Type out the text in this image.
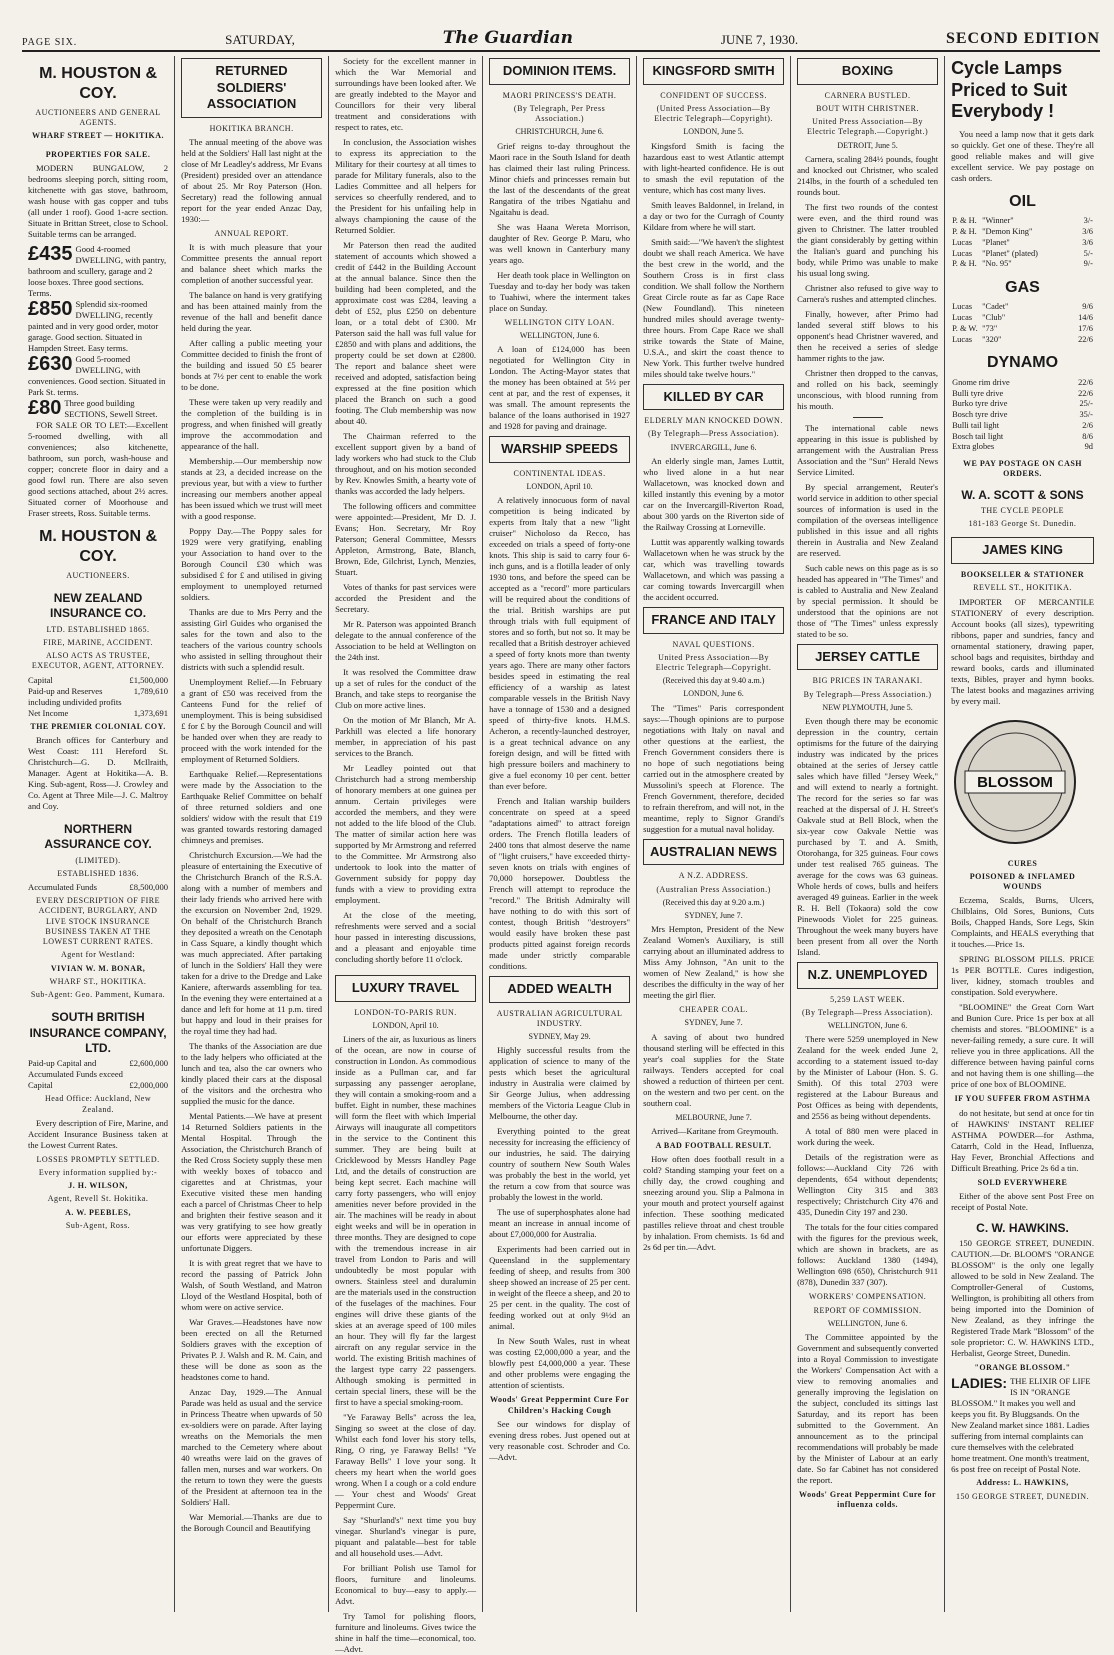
PAGE SIX.	SATURDAY,	The Guardian	JUNE 7, 1930.	SECOND EDITION
M. HOUSTON & COY.
AUCTIONEERS AND GENERAL AGENTS.
WHARF STREET — HOKITIKA.
PROPERTIES FOR SALE.

MODERN BUNGALOW, 2 bedrooms sleeping porch, sitting room, kitchenette with gas stove, bathroom, wash house with gas copper and tubs (all under 1 roof). Good 1-acre section. Situate in Brittan Street, close to School. Suitable terms can be arranged.

£435 Good 4-roomed DWELLING, with pantry, bathroom and scullery, garage and 2 loose boxes. Three good sections. Terms.
£850 Splendid six-roomed DWELLING, recently painted and in very good order, motor garage. Good section. Situated in Hampden Street. Easy terms.
£630 Good 5-roomed DWELLING, with conveniences. Good section. Situated in Park St. terms.
£80 Three good building SECTIONS, Sewell Street.

FOR SALE OR TO LET:—Excellent 5-roomed dwelling, with all conveniences; also kitchenette, bathroom, sun porch, wash-house and copper; concrete floor in dairy and a good fowl run. There are also seven good sections attached, about 2½ acres. Situated corner of Moorhouse and Fraser streets, Ross. Suitable terms.

M. HOUSTON & COY.
AUCTIONEERS.
NEW ZEALAND INSURANCE CO.
LTD. ESTABLISHED 1865.
FIRE, MARINE, ACCIDENT.
ALSO ACTS AS TRUSTEE, EXECUTOR, AGENT, ATTORNEY.
Capital	£1,500,000
Paid-up and Reserves including undivided profits
1,789,610
Net Income	1,373,691
THE PREMIER COLONIAL COY.

Branch offices for Canterbury and West Coast: 111 Hereford St. Christchurch—G. D. McIlraith, Manager. Agent at Hokitika—A. B. King. Sub-agent, Ross—J. Crowley and Co. Agent at Three Mile—J. C. Maltroy and Coy.

NORTHERN ASSURANCE COY.
(LIMITED).
ESTABLISHED 1836.
Accumulated Funds	£8,500,000
EVERY DESCRIPTION OF FIRE ACCIDENT, BURGLARY, AND LIVE STOCK INSURANCE BUSINESS TAKEN AT THE LOWEST CURRENT RATES.
Agent for Westland:
VIVIAN W. M. BONAR,
WHARF ST., HOKITIKA.
Sub-Agent: Geo. Pamment, Kumara.
SOUTH BRITISH INSURANCE COMPANY, LTD.
Paid-up Capital and Accumulated Funds exceed
£2,600,000
Capital	£2,000,000
Head Office: Auckland, New Zealand.

Every description of Fire, Marine, and Accident Insurance Business taken at the Lowest Current Rates.

LOSSES PROMPTLY SETTLED.
Every information supplied by:-
J. H. WILSON,
Agent, Revell St. Hokitika.
A. W. PEEBLES,
Sub-Agent, Ross.
RETURNED SOLDIERS' ASSOCIATION
HOKITIKA BRANCH.

The annual meeting of the above was held at the Soldiers' Hall last night at the close of Mr Leadley's address, Mr Evans (President) presided over an attendance of about 25. Mr Roy Paterson (Hon. Secretary) read the following annual report for the year ended Anzac Day, 1930:—

ANNUAL REPORT.

It is with much pleasure that your Committee presents the annual report and balance sheet which marks the completion of another successful year.

The balance on hand is very gratifying and has been attained mainly from the revenue of the hall and benefit dance held during the year.

After calling a public meeting your Committee decided to finish the front of the building and issued 50 £5 bearer bonds at 7½ per cent to enable the work to be done.

These were taken up very readily and the completion of the building is in progress, and when finished will greatly improve the accommodation and appearance of the hall.

Membership.—Our membership now stands at 23, a decided increase on the previous year, but with a view to further increasing our members another appeal has been issued which we trust will meet with a good response.

Poppy Day.—The Poppy sales for 1929 were very gratifying, enabling your Association to hand over to the Borough Council £30 which was subsidised £ for £ and utilised in giving employment to unemployed returned soldiers.

Thanks are due to Mrs Perry and the assisting Girl Guides who organised the sales for the town and also to the teachers of the various country schools who assisted in selling throughout their districts with such a splendid result.

Unemployment Relief.—In February a grant of £50 was received from the Canteens Fund for the relief of unemployment. This is being subsidised £ for £ by the Borough Council and will be handed over when they are ready to proceed with the work intended for the employment of Returned Soldiers.

Earthquake Relief.—Representations were made by the Association to the Earthquake Relief Committee on behalf of three returned soldiers and one soldiers' widow with the result that £19 was granted towards restoring damaged chimneys and premises.

Christchurch Excursion.—We had the pleasure of entertaining the Executive of the Christchurch Branch of the R.S.A. along with a number of members and their lady friends who arrived here with the excursion on November 2nd, 1929. On behalf of the Christchurch Branch they deposited a wreath on the Cenotaph in Cass Square, a kindly thought which was much appreciated. After partaking of lunch in the Soldiers' Hall they were taken for a drive to the Dredge and Lake Kaniere, afterwards assembling for tea. In the evening they were entertained at a dance and left for home at 11 p.m. tired but happy and loud in their praises for the royal time they had had.

The thanks of the Association are due to the lady helpers who officiated at the lunch and tea, also the car owners who kindly placed their cars at the disposal of the visitors and the orchestra who supplied the music for the dance.

Mental Patients.—We have at present 14 Returned Soldiers patients in the Mental Hospital. Through the Association, the Christchurch Branch of the Red Cross Society supply these men with weekly boxes of tobacco and cigarettes and at Christmas, your Executive visited these men handing each a parcel of Christmas Cheer to help and brighten their festive season and it was very gratifying to see how greatly our efforts were appreciated by these unfortunate Diggers.

It is with great regret that we have to record the passing of Patrick John Walsh, of South Westland, and Matron Lloyd of the Westland Hospital, both of whom were on active service.

War Graves.—Headstones have now been erected on all the Returned Soldiers graves with the exception of Privates P. J. Walsh and R. M. Cain, and these will be done as soon as the headstones come to hand.

Anzac Day, 1929.—The Annual Parade was held as usual and the service in Princess Theatre when upwards of 50 ex-soldiers were on parade. After laying wreaths on the Memorials the men marched to the Cemetery where about 40 wreaths were laid on the graves of fallen men, nurses and war workers. On the return to town they were the guests of the President at afternoon tea in the Soldiers' Hall.

War Memorial.—Thanks are due to the Borough Council and Beautifying

Society for the excellent manner in which the War Memorial and surroundings have been looked after. We are greatly indebted to the Mayor and Councillors for their very liberal treatment and considerations with respect to rates, etc.

In conclusion, the Association wishes to express its appreciation to the Military for their courtesy at all times to parade for Military funerals, also to the Ladies Committee and all helpers for services so cheerfully rendered, and to the President for his unfailing help in always championing the cause of the Returned Soldier.

Mr Paterson then read the audited statement of accounts which showed a credit of £442 in the Building Account at the annual balance. Since then the building had been completed, and the approximate cost was £284, leaving a debt of £52, plus £250 on debenture loan, or a total debt of £300. Mr Paterson said the hall was full value for £2850 and with plans and additions, the property could be set down at £2800. The report and balance sheet were received and adopted, satisfaction being expressed at the fine position which placed the Branch on such a good footing. The Club membership was now about 40.

The Chairman referred to the excellent support given by a band of lady workers who had stuck to the Club throughout, and on his motion seconded by Rev. Knowles Smith, a hearty vote of thanks was accorded the lady helpers.

The following officers and committee were appointed:—President, Mr D. J. Evans; Hon. Secretary, Mr Roy Paterson; General Committee, Messrs Appleton, Armstrong, Bate, Blanch, Brown, Ede, Gilchrist, Lynch, Menzies, Stuart.

Votes of thanks for past services were accorded the President and the Secretary.

Mr R. Paterson was appointed Branch delegate to the annual conference of the Association to be held at Wellington on the 24th inst.

It was resolved the Committee draw up a set of rules for the conduct of the Branch, and take steps to reorganise the Club on more active lines.

On the motion of Mr Blanch, Mr A. Parkhill was elected a life honorary member, in appreciation of his past services to the Branch.

Mr Leadley pointed out that Christchurch had a strong membership of honorary members at one guinea per annum. Certain privileges were accorded the members, and they were not added to the life blood of the Club. The matter of similar action here was supported by Mr Armstrong and referred to the Committee. Mr Armstrong also undertook to look into the matter of Government subsidy for poppy day funds with a view to providing extra employment.

At the close of the meeting, refreshments were served and a social hour passed in interesting discussions, and a pleasant and enjoyable time concluding shortly before 11 o'clock.

LUXURY TRAVEL
LONDON-TO-PARIS RUN.
LONDON, April 10.

Liners of the air, as luxurious as liners of the ocean, are now in course of construction in London. As commodious inside as a Pullman car, and far surpassing any passenger aeroplane, they will contain a smoking-room and a buffet. Eight in number, these machines will form the fleet with which Imperial Airways will inaugurate all competitors in the service to the Continent this summer. They are being built at Cricklewood by Messrs Handley Page Ltd, and the details of construction are being kept secret. Each machine will carry forty passengers, who will enjoy amenities never before provided in the air. The machines will be ready in about eight weeks and will be in operation in three months. They are designed to cope with the tremendous increase in air travel from London to Paris and will undoubtedly be most popular with owners. Stainless steel and duralumin are the materials used in the construction of the fuselages of the machines. Four engines will drive these giants of the skies at an average speed of 100 miles an hour. They will fly far the largest aircraft on any regular service in the world. The existing British machines of the largest type carry 22 passengers. Although smoking is permitted in certain special liners, these will be the first to have a special smoking-room.

"Ye Faraway Bells" across the lea, Singing so sweet at the close of day. Whilst each fond lover his story tells, Ring, O ring, ye Faraway Bells! "Ye Faraway Bells" I love your song. It cheers my heart when the world goes wrong. When I a cough or a cold endure— Your chest and Woods' Great Peppermint Cure.

Say "Shurland's" next time you buy vinegar. Shurland's vinegar is pure, piquant and palatable—best for table and all household uses.—Advt.

For brilliant Polish use Tamol for floors, furniture and linoleums. Economical to buy—easy to apply.—Advt.

Try Tamol for polishing floors, furniture and linoleums. Gives twice the shine in half the time—economical, too.—Advt.

DOMINION ITEMS.
MAORI PRINCESS'S DEATH.
(By Telegraph, Per Press Association.)
CHRISTCHURCH, June 6.

Grief reigns to-day throughout the Maori race in the South Island for death has claimed their last ruling Princess. Minor chiefs and princesses remain but the last of the descendants of the great Rangatira of the tribes Ngatiahu and Ngaitahu is dead.

She was Haana Wereta Morrison, daughter of Rev. George P. Maru, who was well known in Canterbury many years ago.

Her death took place in Wellington on Tuesday and to-day her body was taken to Tuahiwi, where the interment takes place on Sunday.

WELLINGTON CITY LOAN.
WELLINGTON, June 6.

A loan of £124,000 has been negotiated for Wellington City in London. The Acting-Mayor states that the money has been obtained at 5½ per cent at par, and the rest of expenses, it was small. The amount represents the balance of the loans authorised in 1927 and 1928 for paving and drainage.

WARSHIP SPEEDS
CONTINENTAL IDEAS.
LONDON, April 10.

A relatively innocuous form of naval competition is being indicated by experts from Italy that a new "light cruiser" Nicholoso da Recco, has exceeded on trials a speed of forty-one knots. This ship is said to carry four 6-inch guns, and is a flotilla leader of only 1930 tons, and before the speed can be accepted as a "record" more particulars will be required about the conditions of the trial. British warships are put through trials with full equipment of stores and so forth, but not so. It may be recalled that a British destroyer achieved a speed of forty knots more than twenty years ago. There are many other factors besides speed in estimating the real efficiency of a warship as latest comparable vessels in the British Navy have a tonnage of 1530 and a designed speed of thirty-five knots. H.M.S. Acheron, a recently-launched destroyer, is a great technical advance on any foreign design, and will be fitted with high pressure boilers and machinery to give a fuel economy 10 per cent. better than ever before.

French and Italian warship builders concentrate on speed at a speed "adaptations aimed" to attract foreign orders. The French flotilla leaders of 2400 tons that almost deserve the name of "light cruisers," have exceeded thirty-seven knots on trials with engines of 70,000 horsepower. Doubtless the French will attempt to reproduce the "record." The British Admiralty will have nothing to do with this sort of contest, though British "destroyers" would easily have broken these past products pitted against foreign records made under strictly comparable conditions.

ADDED WEALTH
AUSTRALIAN AGRICULTURAL INDUSTRY.
SYDNEY, May 29.

Highly successful results from the application of science to many of the pests which beset the agricultural industry in Australia were claimed by Sir George Julius, when addressing members of the Victoria League Club in Melbourne, the other day.

Everything pointed to the great necessity for increasing the efficiency of our industries, he said. The dairying country of southern New South Wales was probably the best in the world, yet the return a cow from that source was probably the lowest in the world.

The use of superphosphates alone had meant an increase in annual income of about £7,000,000 for Australia.

Experiments had been carried out in Queensland in the supplementary feeding of sheep, and results from 300 sheep showed an increase of 25 per cent. in weight of the fleece a sheep, and 20 to 25 per cent. in the quality. The cost of feeding worked out at only 9½d an animal.

In New South Wales, rust in wheat was costing £2,000,000 a year, and the blowfly pest £4,000,000 a year. These and other problems were engaging the attention of scientists.

Woods' Great Peppermint Cure For Children's Hacking Cough

See our windows for display of evening dress robes. Just opened out at very reasonable cost. Schroder and Co.—Advt.

KINGSFORD SMITH
CONFIDENT OF SUCCESS.
(United Press Association—By Electric Telegraph—Copyright).
LONDON, June 5.

Kingsford Smith is facing the hazardous east to west Atlantic attempt with light-hearted confidence. He is out to smash the evil reputation of the venture, which has cost many lives.

Smith leaves Baldonnel, in Ireland, in a day or two for the Curragh of County Kildare from where he will start.

Smith said:—"We haven't the slightest doubt we shall reach America. We have the best crew in the world, and the Southern Cross is in first class condition. We shall follow the Northern Great Circle route as far as Cape Race (New Foundland). This nineteen hundred miles should average twenty-three hours. From Cape Race we shall strike towards the State of Maine, U.S.A., and skirt the coast thence to New York. This further twelve hundred miles should take twelve hours."

KILLED BY CAR
ELDERLY MAN KNOCKED DOWN.
(By Telegraph—Press Association).
INVERCARGILL, June 6.

An elderly single man, James Luttit, who lived alone in a hut near Wallacetown, was knocked down and killed instantly this evening by a motor car on the Invercargill-Riverton Road, about 300 yards on the Riverton side of the Railway Crossing at Lorneville.

Luttit was apparently walking towards Wallacetown when he was struck by the car, which was travelling towards Wallacetown, and which was passing a car coming towards Invercargill when the accident occurred.

FRANCE AND ITALY
NAVAL QUESTIONS.
United Press Association—By Electric Telegraph—Copyright.
(Received this day at 9.40 a.m.)
LONDON, June 6.

The "Times" Paris correspondent says:—Though opinions are to purpose negotiations with Italy on naval and other questions at the earliest, the French Government considers there is no hope of such negotiations being carried out in the atmosphere created by Mussolini's speech at Florence. The French Government, therefore, decided to refrain therefrom, and will not, in the meantime, reply to Signor Grandi's suggestion for a mutual naval holiday.

AUSTRALIAN NEWS
A N.Z. ADDRESS.
(Australian Press Association.)
(Received this day at 9.20 a.m.)
SYDNEY, June 7.

Mrs Hempton, President of the New Zealand Women's Auxiliary, is still carrying about an illuminated address to Miss Amy Johnson, "An unit to the women of New Zealand," is how she describes the difficulty in the way of her meeting the girl flier.

CHEAPER COAL.
SYDNEY, June 7.

A saving of about two hundred thousand sterling will be effected in this year's coal supplies for the State railways. Tenders accepted for coal showed a reduction of thirteen per cent. on the western and two per cent. on the southern coal.

MELBOURNE, June 7.

Arrived—Karitane from Greymouth.

A BAD FOOTBALL RESULT.

How often does football result in a cold? Standing stamping your feet on a chilly day, the crowd coughing and sneezing around you. Slip a Palmona in your mouth and protect yourself against infection. These soothing medicated pastilles relieve throat and chest trouble by inhalation. From chemists. 1s 6d and 2s 6d per tin.—Advt.

BOXING
CARNERA BUSTLED.
BOUT WITH CHRISTNER.
United Press Association—By Electric Telegraph.—Copyright.)
DETROIT, June 5.

Carnera, scaling 284½ pounds, fought and knocked out Christner, who scaled 214lbs, in the fourth of a scheduled ten rounds bout.

The first two rounds of the contest were even, and the third round was given to Christner. The latter troubled the giant considerably by getting within the Italian's guard and punching his body, while Primo was unable to make his usual long swing.

Christner also refused to give way to Carnera's rushes and attempted clinches.

Finally, however, after Primo had landed several stiff blows to his opponent's head Christner wavered, and then he received a series of sledge hammer rights to the jaw.

Christner then dropped to the canvas, and rolled on his back, seemingly unconscious, with blood running from his mouth.

The international cable news appearing in this issue is published by arrangement with the Australian Press Association and the "Sun" Herald News Service Limited.

By special arrangement, Reuter's world service in addition to other special sources of information is used in the compilation of the overseas intelligence published in this issue and all rights therein in Australia and New Zealand are reserved.

Such cable news on this page as is so headed has appeared in "The Times" and is cabled to Australia and New Zealand by special permission. It should be understood that the opinions are not those of "The Times" unless expressly stated to be so.

JERSEY CATTLE
BIG PRICES IN TARANAKI.
By Telegraph—Press Association.)
NEW PLYMOUTH, June 5.

Even though there may be economic depression in the country, certain optimisms for the future of the dairying industry was indicated by the prices obtained at the series of Jersey cattle sales which have filled "Jersey Week," and will extend to nearly a fortnight. The record for the series so far was reached at the dispersal of J. H. Street's Oakvale stud at Bell Block, when the six-year cow Oakvale Nettie was purchased by T. and A. Smith, Otorohanga, for 325 guineas. Four cows under test realised 765 guineas. The average for the cows was 63 guineas. Whole herds of cows, bulls and heifers averaged 49 guineas. Earlier in the week R. H. Bell (Tokaora) sold the cow Pinewoods Violet for 225 guineas. Throughout the week many buyers have been present from all over the North Island.

N.Z. UNEMPLOYED
5,259 LAST WEEK.
(By Telegraph—Press Association).
WELLINGTON, June 6.

There were 5259 unemployed in New Zealand for the week ended June 2, according to a statement issued to-day by the Minister of Labour (Hon. S. G. Smith). Of this total 2703 were registered at the Labour Bureaus and Post Offices as being with dependents, and 2556 as being without dependents.

A total of 880 men were placed in work during the week.

Details of the registration were as follows:—Auckland City 726 with dependents, 654 without dependents; Wellington City 315 and 383 respectively; Christchurch City 476 and 435, Dunedin City 197 and 230.

The totals for the four cities compared with the figures for the previous week, which are shown in brackets, are as follows: Auckland 1380 (1494), Wellington 698 (650), Christchurch 911 (878), Dunedin 337 (307).

WORKERS' COMPENSATION.
REPORT OF COMMISSION.
WELLINGTON, June 6.

The Committee appointed by the Government and subsequently converted into a Royal Commission to investigate the Workers' Compensation Act with a view to removing anomalies and generally improving the legislation on the subject, concluded its sittings last Saturday, and its report has been submitted to the Government. An announcement as to the principal recommendations will probably be made by the Minister of Labour at an early date. So far Cabinet has not considered the report.

Woods' Great Peppermint Cure for influenza colds.
Cycle Lamps Priced to Suit Everybody !

You need a lamp now that it gets dark so quickly. Get one of these. They're all good reliable makes and will give excellent service. We pay postage on cash orders.

OIL
P. & H.	"Winner"	3/-
P. & H.	"Demon King"	3/6
Lucas	"Planet"	3/6
Lucas	"Planet" (plated)	5/-
P. & H.	"No. 95"	9/-
GAS
Lucas	"Cadet"	9/6
Lucas	"Club"	14/6
P. & W.	"73"	17/6
Lucas	"320"	22/6
DYNAMO
Gnome rim drive	22/6
Bulli tyre drive	22/6
Burko tyre drive	25/-
Bosch tyre drive	35/-
Bulli tail light	2/6
Bosch tail light	8/6
Extra globes	9d
WE PAY POSTAGE ON CASH ORDERS.
W. A. SCOTT & SONS
THE CYCLE PEOPLE
181-183 George St. Dunedin.
JAMES KING
BOOKSELLER & STATIONER
REVELL ST., HOKITIKA.

IMPORTER OF MERCANTILE STATIONERY of every description. Account books (all sizes), typewriting ribbons, paper and sundries, fancy and ornamental stationery, drawing paper, school bags and requisites, birthday and reward books, cards and illuminated texts, Bibles, prayer and hymn books. The latest books and magazines arriving by every mail.

BLOSSOM
CURES
POISONED & INFLAMED WOUNDS

Eczema, Scalds, Burns, Ulcers, Chilblains, Old Sores, Bunions, Cuts Boils, Chapped Hands, Sore Legs, Skin Complaints, and HEALS everything that it touches.—Price 1s.

SPRING BLOSSOM PILLS. PRICE 1s PER BOTTLE. Cures indigestion, liver, kidney, stomach troubles and constipation. Sold everywhere.

"BLOOMINE" the Great Corn Wart and Bunion Cure. Price 1s per box at all chemists and stores. "BLOOMINE" is a never-failing remedy, a sure cure. It will relieve you in three applications. All the difference between having painful corns and not having them is one shilling—the price of one box of BLOOMINE.

IF YOU SUFFER FROM ASTHMA

do not hesitate, but send at once for tin of HAWKINS' INSTANT RELIEF ASTHMA POWDER—for Asthma, Catarrh, Cold in the Head, Influenza, Hay Fever, Bronchial Affections and Difficult Breathing. Price 2s 6d a tin.

SOLD EVERYWHERE

Either of the above sent Post Free on receipt of Postal Note.

C. W. HAWKINS.

150 GEORGE STREET, DUNEDIN. CAUTION.—Dr. BLOOM'S "ORANGE BLOSSOM" is the only one legally allowed to be sold in New Zealand. The Comptroller-General of Customs, Wellington, is prohibiting all others from being imported into the Dominion of New Zealand, as they infringe the Registered Trade Mark "Blossom" of the sole proprietor: C. W. HAWKINS LTD., Herbalist, George Street, Dunedin.

"ORANGE BLOSSOM."
LADIES: THE ELIXIR OF LIFE IS IN "ORANGE BLOSSOM." It makes you well and keeps you fit. By Bluggsands. On the New Zealand market since 1881. Ladies suffering from internal complaints can cure themselves with the celebrated home treatment. One month's treatment, 6s post free on receipt of Postal Note.
Address: L. HAWKINS,
150 GEORGE STREET, DUNEDIN.
